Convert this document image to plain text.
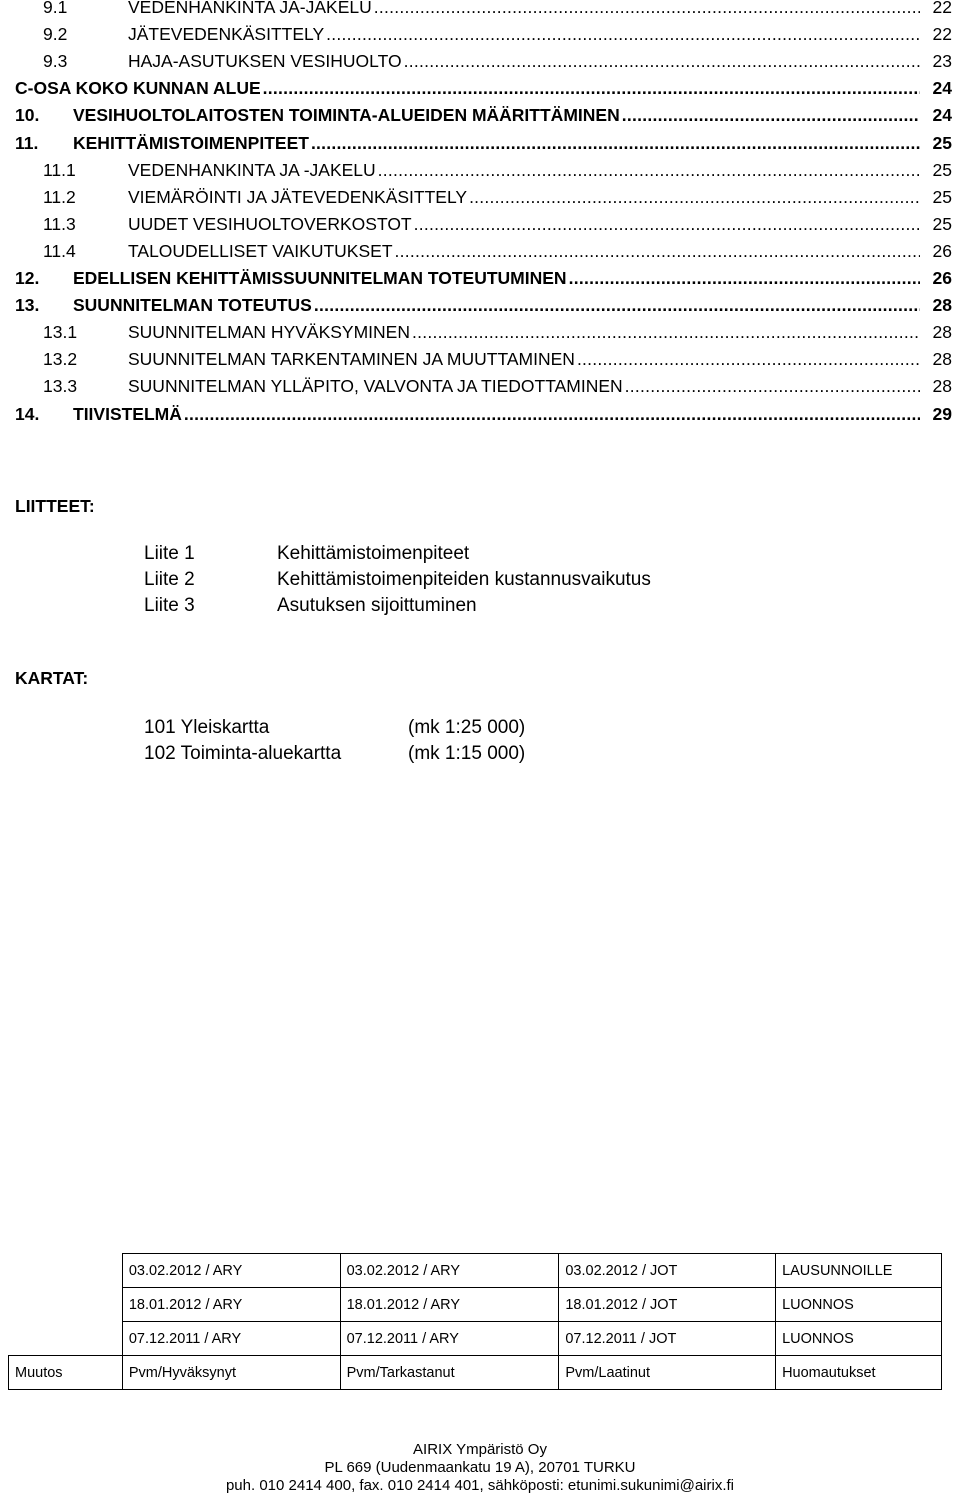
9.1	VEDENHANKINTA JA-JAKELU . . .	22
9.2	JÄTEVEDENKÄSITTELY . . .	22
9.3	HAJA-ASUTUKSEN VESIHUOLTO . . .	23
C-OSA KOKO KUNNAN ALUE . . .	24
10.	VESIHUOLTOLAITOSTEN TOIMINTA-ALUEIDEN MÄÄRITTÄMINEN . . .	24
11.	KEHITTÄMISTOIMENPITEET . . .	25
11.1	VEDENHANKINTA JA -JAKELU . . .	25
11.2	VIEMÄRÖINTI JA JÄTEVEDENKÄSITTELY . . .	25
11.3	UUDET VESIHUOLTOVERKOSTOT . . .	25
11.4	TALOUDELLISET VAIKUTUKSET . . .	26
12.	EDELLISEN KEHITTÄMISSUUNNITELMAN TOTEUTUMINEN . . .	26
13.	SUUNNITELMAN TOTEUTUS . . .	28
13.1	SUUNNITELMAN HYVÄKSYMINEN . . .	28
13.2	SUUNNITELMAN TARKENTAMINEN JA MUUTTAMINEN . . .	28
13.3	SUUNNITELMAN YLLÄPITO, VALVONTA JA TIEDOTTAMINEN . . .	28
14.	TIIVISTELMÄ . . .	29
LIITTEET:
Liite 1	Kehittämistoimenpiteet
Liite 2	Kehittämistoimenpiteiden kustannusvaikutus
Liite 3	Asutuksen sijoittuminen
KARTAT:
101 Yleiskartta	(mk 1:25 000)
102 Toiminta-aluekartta	(mk 1:15 000)
	03.02.2012 / ARY	03.02.2012 / ARY	03.02.2012 / JOT	LAUSUNNOILLE
	18.01.2012 / ARY	18.01.2012 / ARY	18.01.2012 / JOT	LUONNOS
	07.12.2011 / ARY	07.12.2011 / ARY	07.12.2011 / JOT	LUONNOS
Muutos	Pvm/Hyväksynyt	Pvm/Tarkastanut	Pvm/Laatinut	Huomautukset
AIRIX Ympäristö Oy
PL 669 (Uudenmaankatu 19 A), 20701 TURKU
puh. 010 2414 400, fax. 010 2414 401, sähköposti: etunimi.sukunimi@airix.fi
